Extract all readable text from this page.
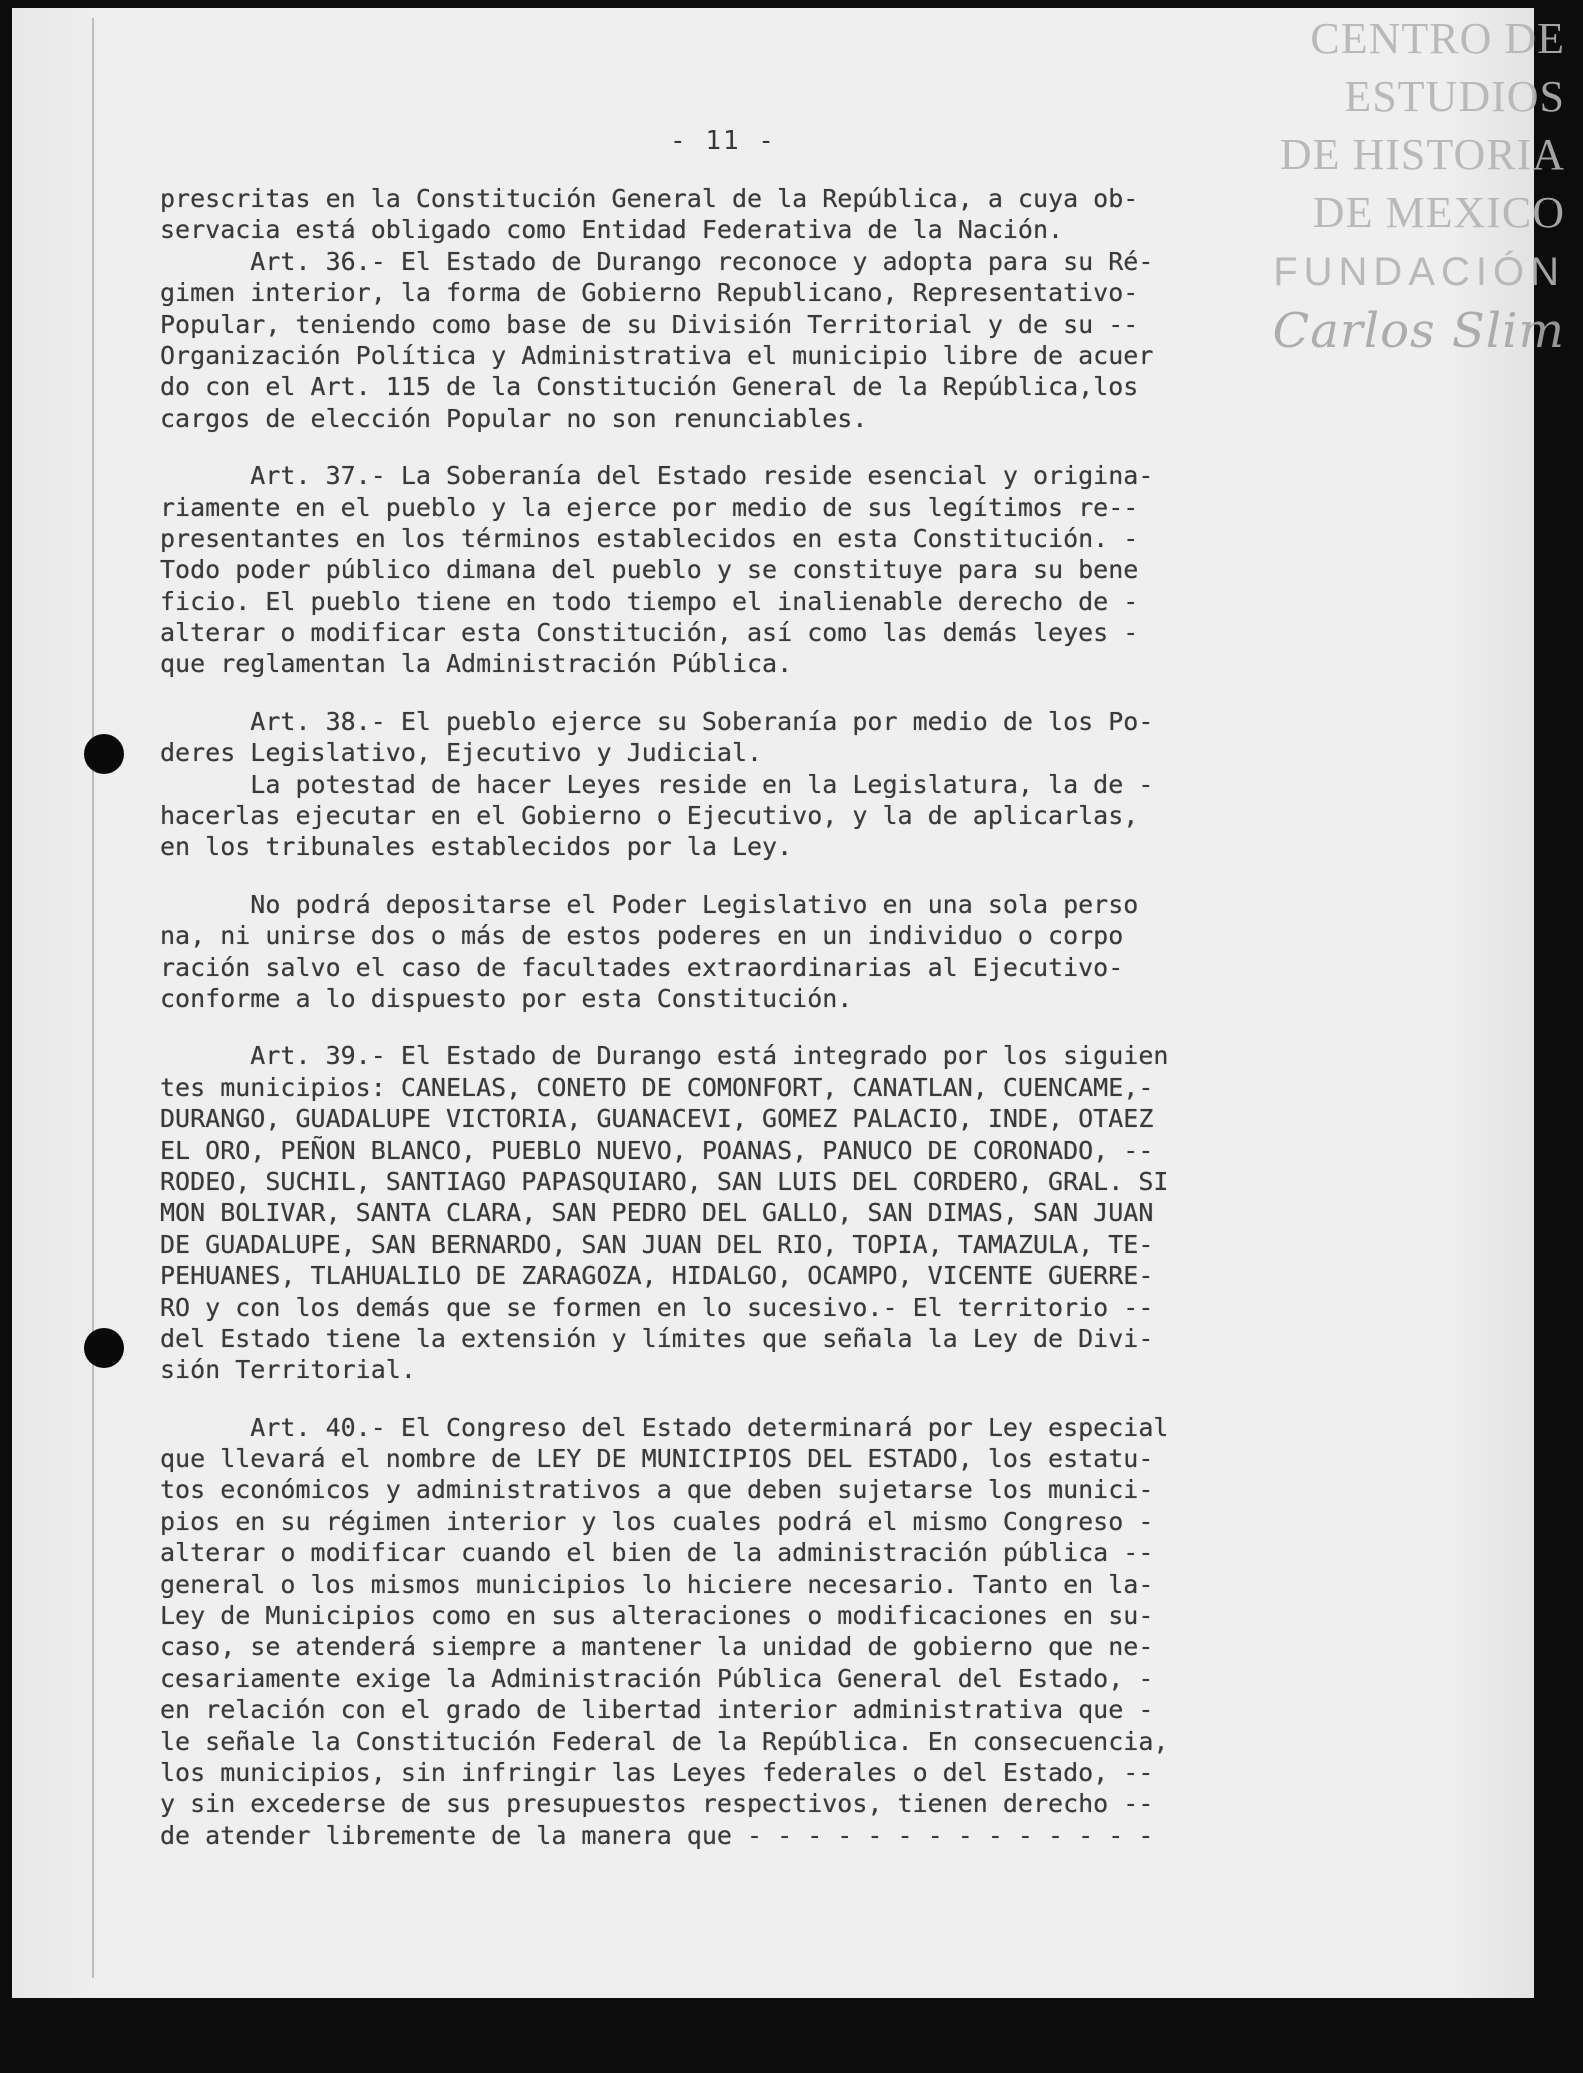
- 11 -
prescritas en la Constitución General de la República, a cuya ob-
servacia está obligado como Entidad Federativa de la Nación.
Art. 36.- El Estado de Durango reconoce y adopta para su Ré-
gimen interior, la forma de Gobierno Republicano, Representativo-
Popular, teniendo como base de su División Territorial y de su --
Organización Política y Administrativa el municipio libre de acuer
do con el Art. 115 de la Constitución General de la República,los
cargos de elección Popular no son renunciables.
Art. 37.- La Soberanía del Estado reside esencial y origina-
riamente en el pueblo y la ejerce por medio de sus legítimos re--
presentantes en los términos establecidos en esta Constitución. -
Todo poder público dimana del pueblo y se constituye para su bene
ficio. El pueblo tiene en todo tiempo el inalienable derecho de -
alterar o modificar esta Constitución, así como las demás leyes -
que reglamentan la Administración Pública.
Art. 38.- El pueblo ejerce su Soberanía por medio de los Po-
deres Legislativo, Ejecutivo y Judicial.
La potestad de hacer Leyes reside en la Legislatura, la de -
hacerlas ejecutar en el Gobierno o Ejecutivo, y la de aplicarlas,
en los tribunales establecidos por la Ley.
No podrá depositarse el Poder Legislativo en una sola perso
na, ni unirse dos o más de estos poderes en un individuo o corpo
ración salvo el caso de facultades extraordinarias al Ejecutivo-
conforme a lo dispuesto por esta Constitución.
Art. 39.- El Estado de Durango está integrado por los siguien
tes municipios: CANELAS, CONETO DE COMONFORT, CANATLAN, CUENCAME,-
DURANGO, GUADALUPE VICTORIA, GUANACEVI, GOMEZ PALACIO, INDE, OTAEZ
EL ORO, PEÑON BLANCO, PUEBLO NUEVO, POANAS, PANUCO DE CORONADO, --
RODEO, SUCHIL, SANTIAGO PAPASQUIARO, SAN LUIS DEL CORDERO, GRAL. SI
MON BOLIVAR, SANTA CLARA, SAN PEDRO DEL GALLO, SAN DIMAS, SAN JUAN
DE GUADALUPE, SAN BERNARDO, SAN JUAN DEL RIO, TOPIA, TAMAZULA, TE-
PEHUANES, TLAHUALILO DE ZARAGOZA, HIDALGO, OCAMPO, VICENTE GUERRE-
RO y con los demás que se formen en lo sucesivo.- El territorio --
del Estado tiene la extensión y límites que señala la Ley de Divi-
sión Territorial.
Art. 40.- El Congreso del Estado determinará por Ley especial
que llevará el nombre de LEY DE MUNICIPIOS DEL ESTADO, los estatu-
tos económicos y administrativos a que deben sujetarse los munici-
pios en su régimen interior y los cuales podrá el mismo Congreso -
alterar o modificar cuando el bien de la administración pública --
general o los mismos municipios lo hiciere necesario. Tanto en la-
Ley de Municipios como en sus alteraciones o modificaciones en su-
caso, se atenderá siempre a mantener la unidad de gobierno que ne-
cesariamente exige la Administración Pública General del Estado, -
en relación con el grado de libertad interior administrativa que -
le señale la Constitución Federal de la República. En consecuencia,
los municipios, sin infringir las Leyes federales o del Estado, --
y sin excederse de sus presupuestos respectivos, tienen derecho --
de atender libremente de la manera que - - - - - - - - - - - - - -
CENTRO DE
ESTUDIOS
DE HISTORIA
DE MEXICO
FUNDACIÓN
Carlos Slim
